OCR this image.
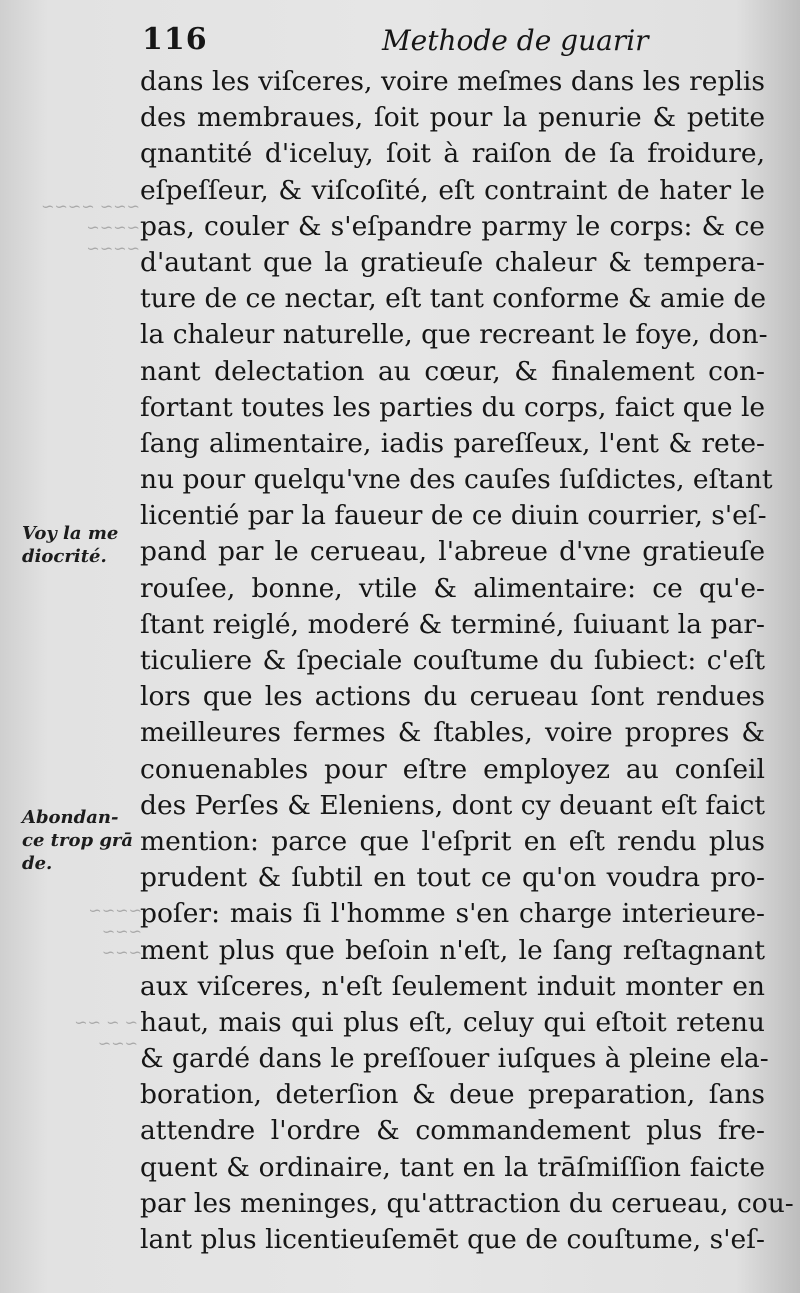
116	Methode de guarir
dans les viſceres, voire meſmes dans les replis
des membraues, ſoit pour la penurie & petite
qnantité d'iceluy, ſoit à raiſon de ſa froidure,
eſpeſſeur, & viſcoſité, eſt contraint de hater le
pas, couler & s'eſpandre parmy le corps: & ce
d'autant que la gratieuſe chaleur & tempera-
ture de ce nectar, eſt tant conforme & amie de
la chaleur naturelle, que recreant le foye, don-
nant delectation au cœur, & finalement con-
fortant toutes les parties du corps, faict que le
ſang alimentaire, iadis pareſſeux, l'ent & rete-
nu pour quelqu'vne des cauſes ſuſdictes, eſtant
licentié par la faueur de ce diuin courrier, s'eſ-
pand par le cerueau, l'abreue d'vne gratieuſe
rouſee, bonne, vtile & alimentaire: ce qu'e-
ſtant reiglé, moderé & terminé, ſuiuant la par-
ticuliere & ſpeciale couſtume du ſubiect: c'eſt
lors que les actions du cerueau ſont rendues
meilleures fermes & ſtables, voire propres &
conuenables pour eſtre employez au conſeil
des Perſes & Eleniens, dont cy deuant eſt faict
mention: parce que l'eſprit en eſt rendu plus
prudent & ſubtil en tout ce qu'on voudra pro-
poſer: mais ſi l'homme s'en charge interieure-
ment plus que beſoin n'eſt, le ſang reſtagnant
aux viſceres, n'eſt ſeulement induit monter en
haut, mais qui plus eſt, celuy qui eſtoit retenu
& gardé dans le preſſouer iuſques à pleine ela-
boration, deterſion & deue preparation, ſans
attendre l'ordre & commandement plus fre-
quent & ordinaire, tant en la trāſmiſſion faicte
par les meninges, qu'attraction du cerueau, cou-
lant plus licentieuſemēt que de couſtume, s'eſ-
Voy la me
diocrité.
Abondan-
ce trop grā
de.
~~~ ~~~~
~~~~ ~~~~
~~~~
~~~ ~~~
~ ~ ~~
~~~
